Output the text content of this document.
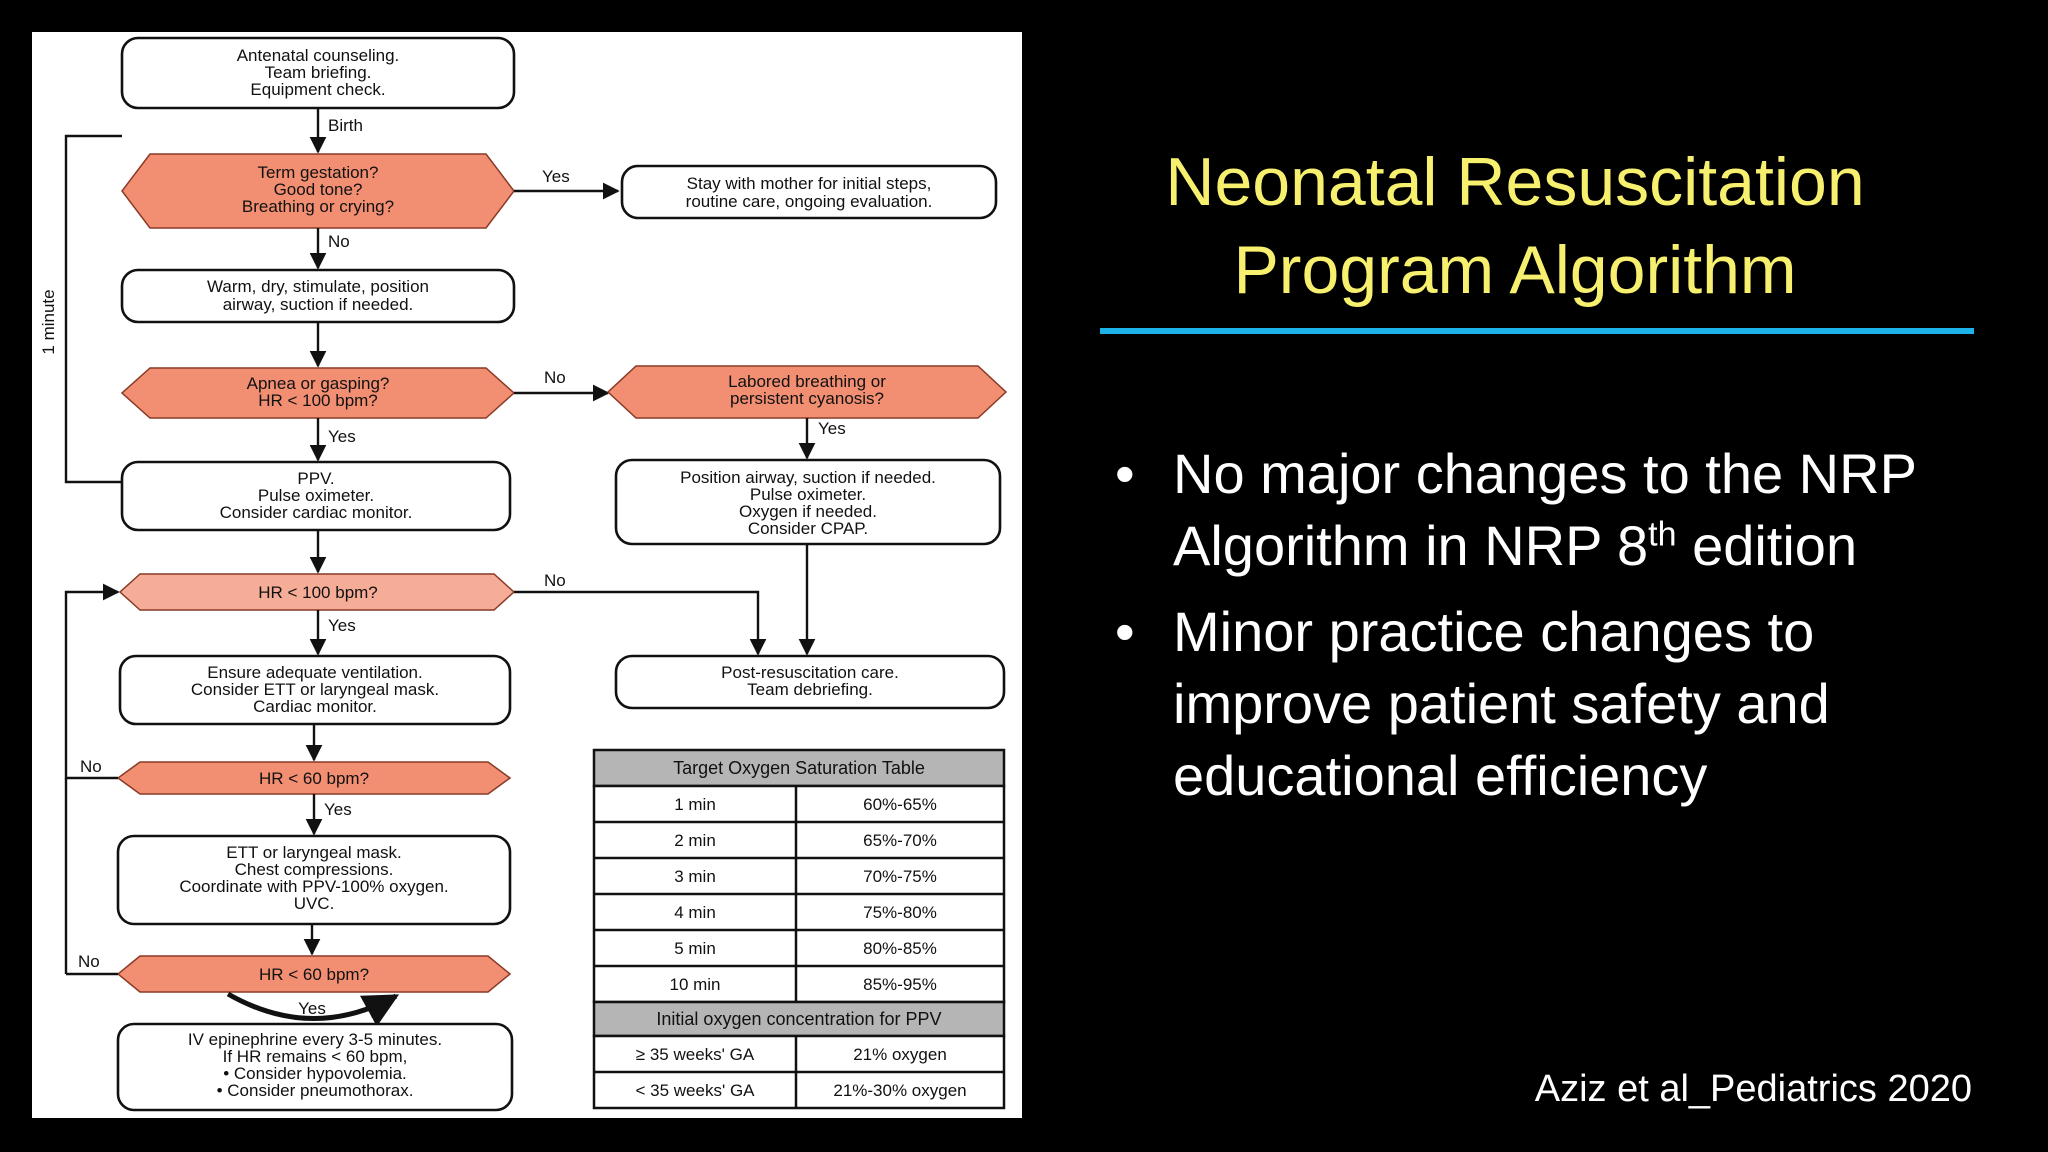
Antenatal counseling.
Team briefing.
Equipment check.
Birth
Term gestation?
Good tone?
Breathing or crying?
Yes	Stay with mother for initial steps,
routine care, ongoing evaluation.
1 minute
No
Warm, dry, stimulate, position
airway, suction if needed.
Apnea or gasping?
HR < 100 bpm?
No	Labored breathing or
persistent cyanosis?
Yes
Yes
PPV.
Pulse oximeter.
Consider cardiac monitor.
Position airway, suction if needed.
Pulse oximeter.
Oxygen if needed.
Consider CPAP.
HR < 100 bpm?
No
Post-resuscitation care.
Team debriefing.
Yes
Ensure adequate ventilation.
Consider ETT or laryngeal mask.
Cardiac monitor.
HR < 60 bpm?
No
Yes
ETT or laryngeal mask.
Chest compressions.
Coordinate with PPV-100% oxygen.
UVC.
HR < 60 bpm?
No
Yes
IV epinephrine every 3-5 minutes.
If HR remains < 60 bpm,
• Consider hypovolemia.
• Consider pneumothorax.
Target Oxygen Saturation Table
1 min	60%-65%
2 min	65%-70%
3 min	70%-75%
4 min	75%-80%
5 min	80%-85%
10 min	85%-95%
Initial oxygen concentration for PPV
≥ 35 weeks' GA	21% oxygen
< 35 weeks' GA	21%-30% oxygen
Neonatal Resuscitation
Program Algorithm
• No major changes to the NRP Algorithm in NRP 8th edition
• Minor practice changes to improve patient safety and educational efficiency
Aziz et al_Pediatrics 2020
